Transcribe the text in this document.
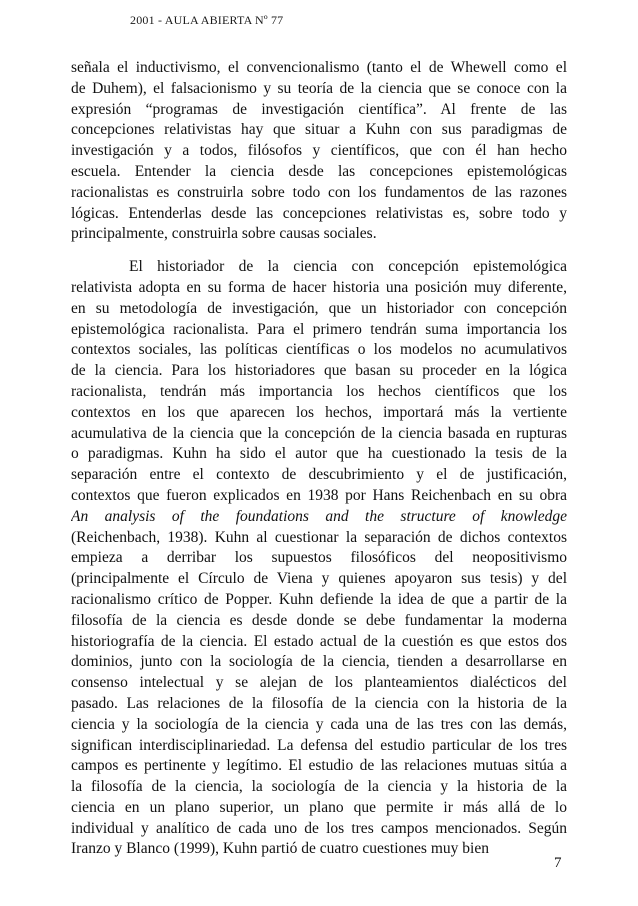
2001 - AULA ABIERTA Nº 77
señala el inductivismo, el convencionalismo (tanto el de Whewell como el
de Duhem), el falsacionismo y su teoría de la ciencia que se conoce con la
expresión “programas de investigación científica”. Al frente de las
concepciones relativistas hay que situar a Kuhn con sus paradigmas de
investigación y a todos, filósofos y científicos, que con él han hecho
escuela. Entender la ciencia desde las concepciones epistemológicas
racionalistas es construirla sobre todo con los fundamentos de las razones
lógicas. Entenderlas desde las concepciones relativistas es, sobre todo y
principalmente, construirla sobre causas sociales.
El historiador de la ciencia con concepción epistemológica
relativista adopta en su forma de hacer historia una posición muy diferente,
en su metodología de investigación, que un historiador con concepción
epistemológica racionalista. Para el primero tendrán suma importancia los
contextos sociales, las políticas científicas o los modelos no acumulativos
de la ciencia. Para los historiadores que basan su proceder en la lógica
racionalista, tendrán más importancia los hechos científicos que los
contextos en los que aparecen los hechos, importará más la vertiente
acumulativa de la ciencia que la concepción de la ciencia basada en rupturas
o paradigmas. Kuhn ha sido el autor que ha cuestionado la tesis de la
separación entre el contexto de descubrimiento y el de justificación,
contextos que fueron explicados en 1938 por Hans Reichenbach en su obra
An analysis of the foundations and the structure of knowledge
(Reichenbach, 1938). Kuhn al cuestionar la separación de dichos contextos
empieza a derribar los supuestos filosóficos del neopositivismo
(principalmente el Círculo de Viena y quienes apoyaron sus tesis) y del
racionalismo crítico de Popper. Kuhn defiende la idea de que a partir de la
filosofía de la ciencia es desde donde se debe fundamentar la moderna
historiografía de la ciencia. El estado actual de la cuestión es que estos dos
dominios, junto con la sociología de la ciencia, tienden a desarrollarse en
consenso intelectual y se alejan de los planteamientos dialécticos del
pasado. Las relaciones de la filosofía de la ciencia con la historia de la
ciencia y la sociología de la ciencia y cada una de las tres con las demás,
significan interdisciplinariedad. La defensa del estudio particular de los tres
campos es pertinente y legítimo. El estudio de las relaciones mutuas sitúa a
la filosofía de la ciencia, la sociología de la ciencia y la historia de la
ciencia en un plano superior, un plano que permite ir más allá de lo
individual y analítico de cada uno de los tres campos mencionados. Según
Iranzo y Blanco (1999), Kuhn partió de cuatro cuestiones muy bien
7
